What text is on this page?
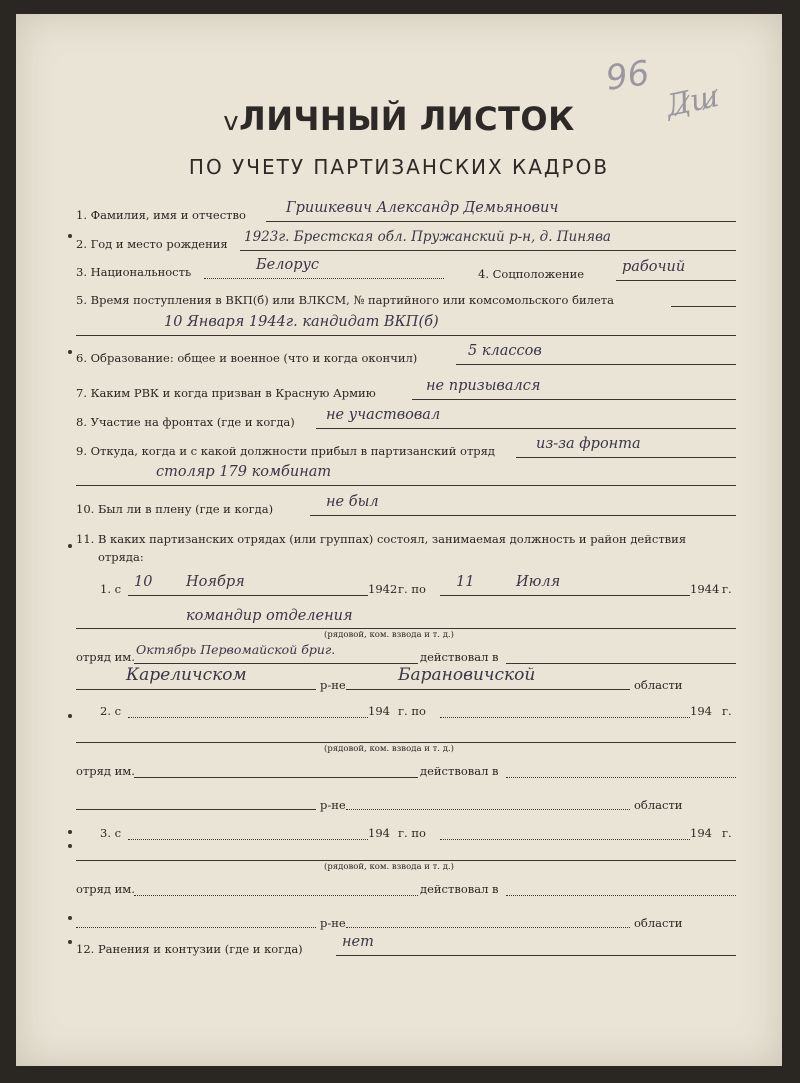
96
Д̷ш̷
vЛИЧНЫЙ ЛИСТОК
ПО УЧЕТУ ПАРТИЗАНСКИХ КАДРОВ
1. Фамилия, имя и отчество	Гришкевич Александр Демьянович
2. Год и место рождения 1923г. Брестская обл. Пружанский р-н, д. Пинява
3. Национальность	Белорус
4. Соцположение	рабочий
5. Время поступления в ВКП(б) или ВЛКСМ, № партийного или комсомольского билета
10 Января 1944г. кандидат ВКП(б)
6. Образование: общее и военное (что и когда окончил)	5 классов
7. Каким РВК и когда призван в Красную Армию	не призывался
8. Участие на фронтах (где и когда) не участвовал
9. Откуда, когда и с какой должности прибыл в партизанский отряд	из-за фронта
столяр 179 комбинат
10. Был ли в плену (где и когда)	не был
11. В каких партизанских отрядах (или группах) состоял, занимаемая должность и район действия
отряда:
1. с 10 Ноября	1942 г. по 11	Июля	1944 г.
командир отделения
(рядовой, ком. взвода и т. д.)
отряд им. Октябрь Первомайской бриг.	действовал в
Кареличском	р-не	Барановичской	области
2. с	194 г. по	194 г.
(рядовой, ком. взвода и т. д.)
отряд им.	действовал в
р-не	области
3. с	194 г. по	194 г.
(рядовой, ком. взвода и т. д.)
отряд им.	действовал в
р-не	области
12. Ранения и контузии (где и когда)	нет
